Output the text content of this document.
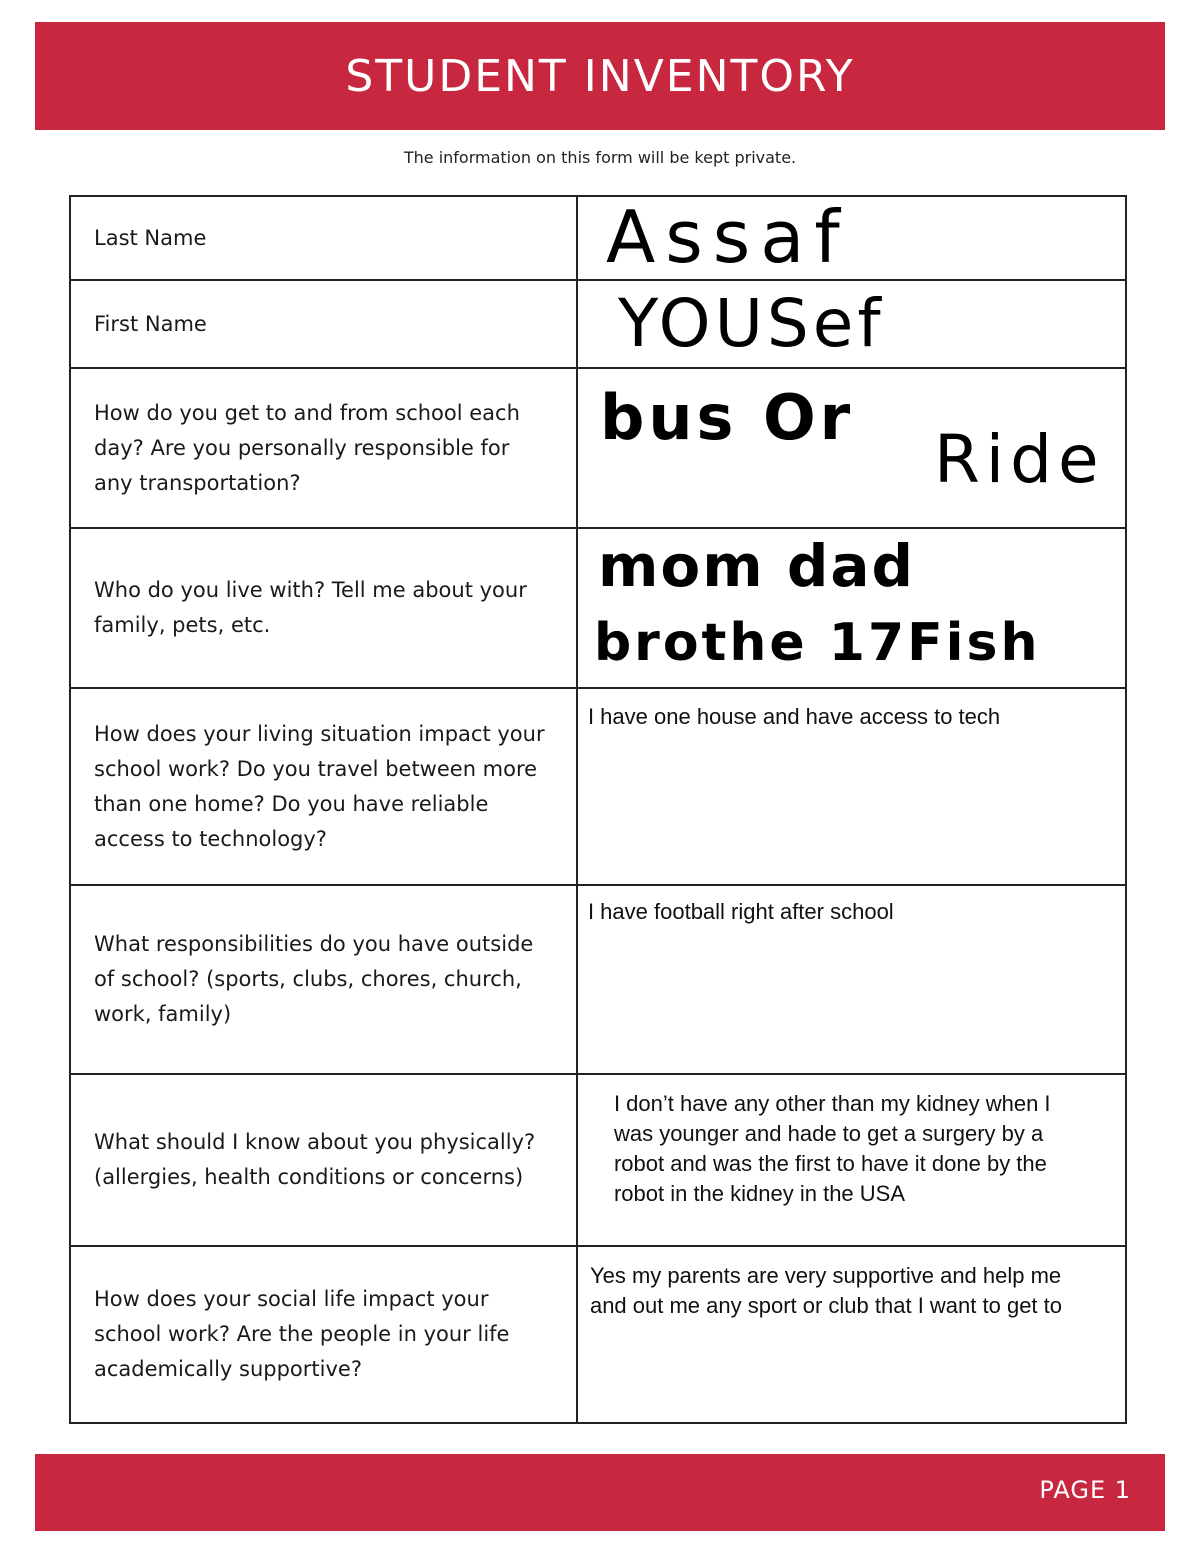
STUDENT INVENTORY
The information on this form will be kept private.
Last Name	Assaf

First Name	YOUSef

How do you get to and from school each day? Are you personally responsible for any transportation?	bus Or
Ride

Who do you live with? Tell me about your family, pets, etc.	mom dad
brothe 17Fish

How does your living situation impact your school work? Do you travel between more than one home? Do you have reliable access to technology?	I have one house and have access to tech

What responsibilities do you have outside of school? (sports, clubs, chores, church, work, family)	I have football right after school

What should I know about you physically? (allergies, health conditions or concerns)	I don’t have any other than my kidney when I was younger and hade to get a surgery by a robot and was the first to have it done by the robot in the kidney in the USA

How does your social life impact your school work? Are the people in your life academically supportive?	Yes my parents are very supportive and help me and out me any sport or club that I want to get to
PAGE 1
